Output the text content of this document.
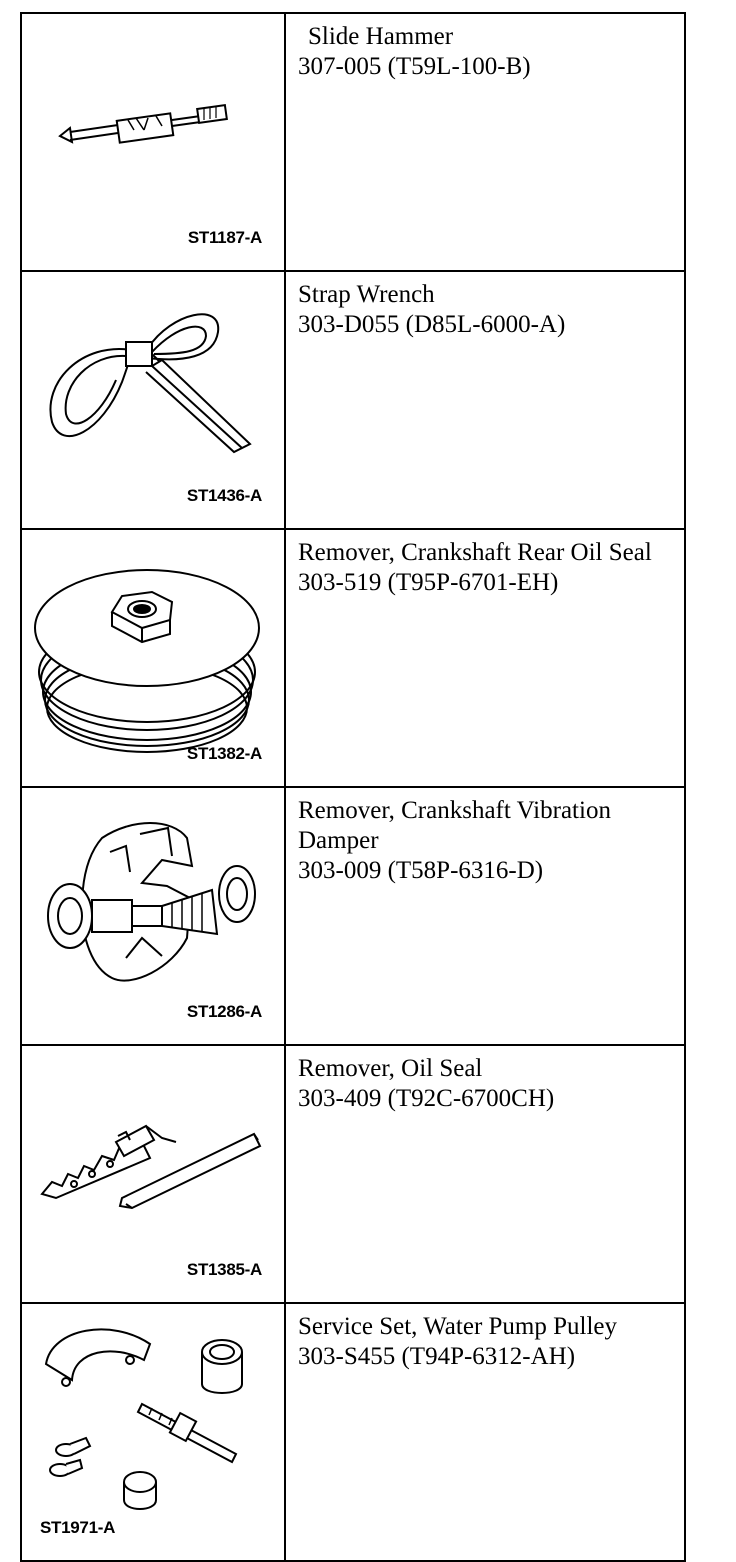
ST1187-A	Slide Hammer
307-005 (T59L-100-B)

ST1436-A	Strap Wrench
303-D055 (D85L-6000-A)

ST1382-A	Remover, Crankshaft Rear Oil Seal
303-519 (T95P-6701-EH)

ST1286-A	Remover, Crankshaft Vibration Damper
303-009 (T58P-6316-D)

ST1385-A	Remover, Oil Seal
303-409 (T92C-6700CH)

ST1971-A	Service Set, Water Pump Pulley
303-S455 (T94P-6312-AH)
